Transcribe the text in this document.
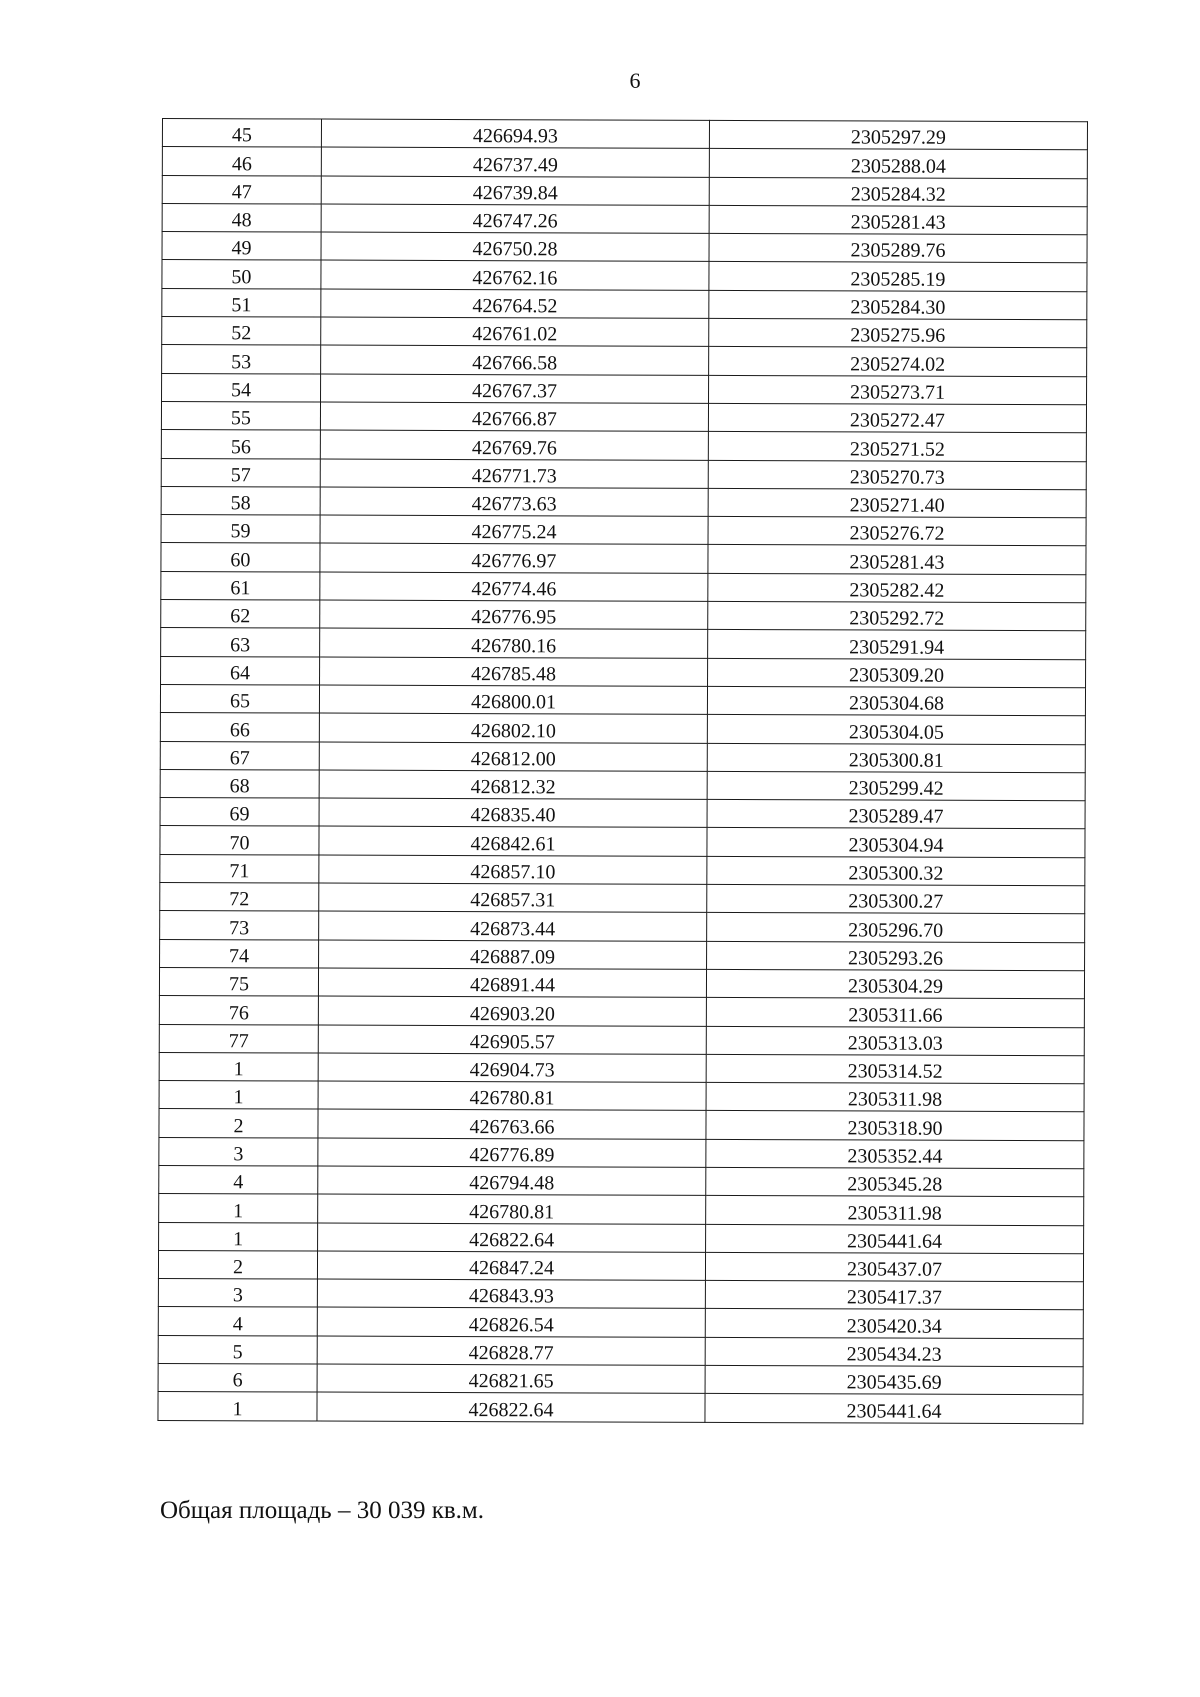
6
45	426694.93	2305297.29
46	426737.49	2305288.04
47	426739.84	2305284.32
48	426747.26	2305281.43
49	426750.28	2305289.76
50	426762.16	2305285.19
51	426764.52	2305284.30
52	426761.02	2305275.96
53	426766.58	2305274.02
54	426767.37	2305273.71
55	426766.87	2305272.47
56	426769.76	2305271.52
57	426771.73	2305270.73
58	426773.63	2305271.40
59	426775.24	2305276.72
60	426776.97	2305281.43
61	426774.46	2305282.42
62	426776.95	2305292.72
63	426780.16	2305291.94
64	426785.48	2305309.20
65	426800.01	2305304.68
66	426802.10	2305304.05
67	426812.00	2305300.81
68	426812.32	2305299.42
69	426835.40	2305289.47
70	426842.61	2305304.94
71	426857.10	2305300.32
72	426857.31	2305300.27
73	426873.44	2305296.70
74	426887.09	2305293.26
75	426891.44	2305304.29
76	426903.20	2305311.66
77	426905.57	2305313.03
1	426904.73	2305314.52
1	426780.81	2305311.98
2	426763.66	2305318.90
3	426776.89	2305352.44
4	426794.48	2305345.28
1	426780.81	2305311.98
1	426822.64	2305441.64
2	426847.24	2305437.07
3	426843.93	2305417.37
4	426826.54	2305420.34
5	426828.77	2305434.23
6	426821.65	2305435.69
1	426822.64	2305441.64
Общая площадь – 30 039 кв.м.
